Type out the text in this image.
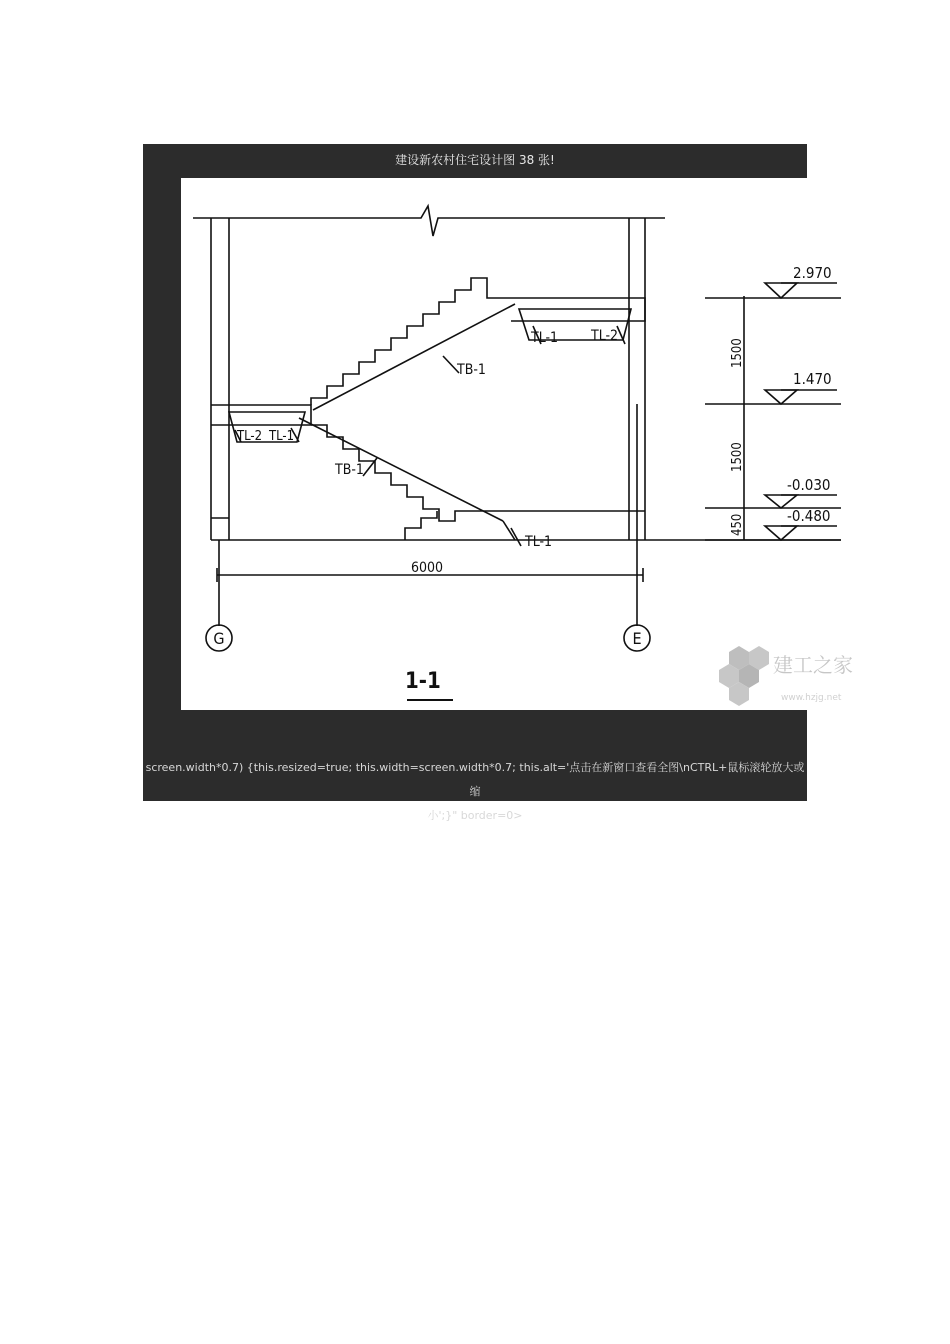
建设新农村住宅设计图 38 张!
screen.width*0.7) {this.resized=true; this.width=screen.width*0.7; this.alt='点击在新窗口查看全图\nCTRL+鼠标滚轮放大或缩
小';}" border=0>
TL-1 TL-2
TB-1
TL-2 TL-1
TB-1
TL-1
6000
G	E
1-1
2.970
1.470
-0.030
-0.480
1500
1500
450
建工之家
www.hzjg.net
